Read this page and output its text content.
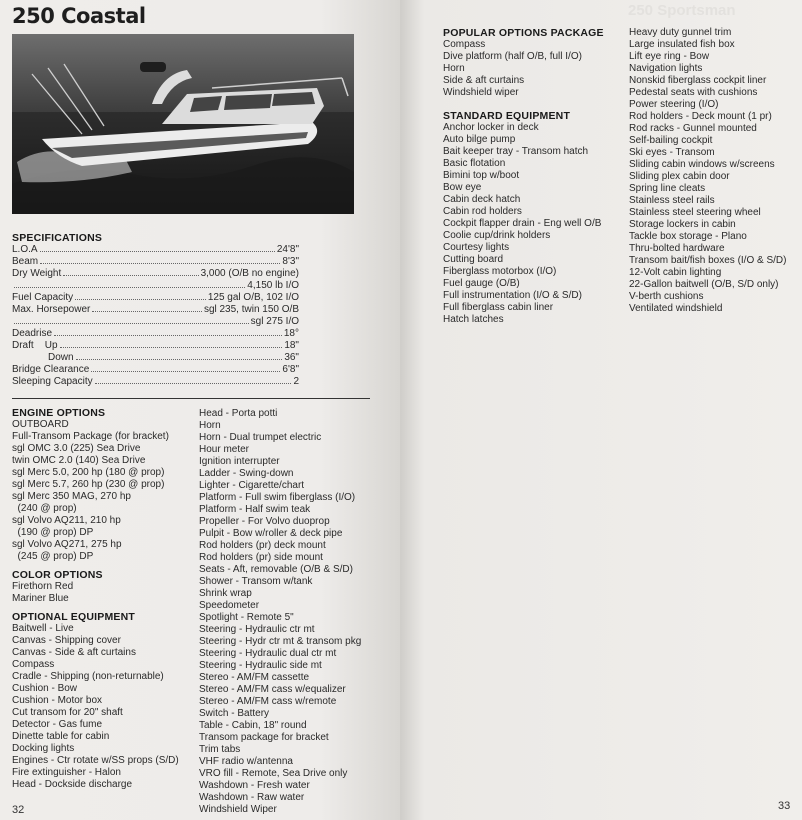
250 Coastal
SPECIFICATIONS
L.O.A	24'8"
Beam	8'3"
Dry Weight	3,000 (O/B no engine)
4,150 lb I/O
Fuel Capacity	125 gal O/B, 102 I/O
Max. Horsepower	sgl 235, twin 150 O/B
sgl 275 I/O
Deadrise	18°
Draft    Up	18"
Down	36"
Bridge Clearance	6'8"
Sleeping Capacity	2
ENGINE OPTIONS
OUTBOARD
Full-Transom Package (for bracket)
sgl OMC 3.0 (225) Sea Drive
twin OMC 2.0 (140) Sea Drive
sgl Merc 5.0, 200 hp (180 @ prop)
sgl Merc 5.7, 260 hp (230 @ prop)
sgl Merc 350 MAG, 270 hp
(240 @ prop)
sgl Volvo AQ211, 210 hp
(190 @ prop) DP
sgl Volvo AQ271, 275 hp
(245 @ prop) DP
COLOR OPTIONS
Firethorn Red
Mariner Blue
OPTIONAL EQUIPMENT
Baitwell - Live
Canvas - Shipping cover
Canvas - Side & aft curtains
Compass
Cradle - Shipping (non-returnable)
Cushion - Bow
Cushion - Motor box
Cut transom for 20" shaft
Detector - Gas fume
Dinette table for cabin
Docking lights
Engines - Ctr rotate w/SS props (S/D)
Fire extinguisher - Halon
Head - Dockside discharge
Head - Porta potti
Horn
Horn - Dual trumpet electric
Hour meter
Ignition interrupter
Ladder - Swing-down
Lighter - Cigarette/chart
Platform - Full swim fiberglass (I/O)
Platform - Half swim teak
Propeller - For Volvo duoprop
Pulpit - Bow w/roller & deck pipe
Rod holders (pr) deck mount
Rod holders (pr) side mount
Seats - Aft, removable (O/B & S/D)
Shower - Transom w/tank
Shrink wrap
Speedometer
Spotlight - Remote 5"
Steering - Hydraulic ctr mt
Steering - Hydr ctr mt & transom pkg
Steering - Hydraulic dual ctr mt
Steering - Hydraulic side mt
Stereo - AM/FM cassette
Stereo - AM/FM cass w/equalizer
Stereo - AM/FM cass w/remote
Switch - Battery
Table - Cabin, 18" round
Transom package for bracket
Trim tabs
VHF radio w/antenna
VRO fill - Remote, Sea Drive only
Washdown - Fresh water
Washdown - Raw water
Windshield Wiper
32
250 Sportsman
POPULAR OPTIONS PACKAGE
Compass
Dive platform (half O/B, full I/O)
Horn
Side & aft curtains
Windshield wiper
STANDARD EQUIPMENT
Anchor locker in deck
Auto bilge pump
Bait keeper tray - Transom hatch
Basic flotation
Bimini top w/boot
Bow eye
Cabin deck hatch
Cabin rod holders
Cockpit flapper drain - Eng well O/B
Coolie cup/drink holders
Courtesy lights
Cutting board
Fiberglass motorbox (I/O)
Fuel gauge (O/B)
Full instrumentation (I/O & S/D)
Full fiberglass cabin liner
Hatch latches
Heavy duty gunnel trim
Large insulated fish box
Lift eye ring - Bow
Navigation lights
Nonskid fiberglass cockpit liner
Pedestal seats with cushions
Power steering (I/O)
Rod holders - Deck mount (1 pr)
Rod racks - Gunnel mounted
Self-bailing cockpit
Ski eyes - Transom
Sliding cabin windows w/screens
Sliding plex cabin door
Spring line cleats
Stainless steel rails
Stainless steel steering wheel
Storage lockers in cabin
Tackle box storage - Plano
Thru-bolted hardware
Transom bait/fish boxes (I/O & S/D)
12-Volt cabin lighting
22-Gallon baitwell (O/B, S/D only)
V-berth cushions
Ventilated windshield
33
